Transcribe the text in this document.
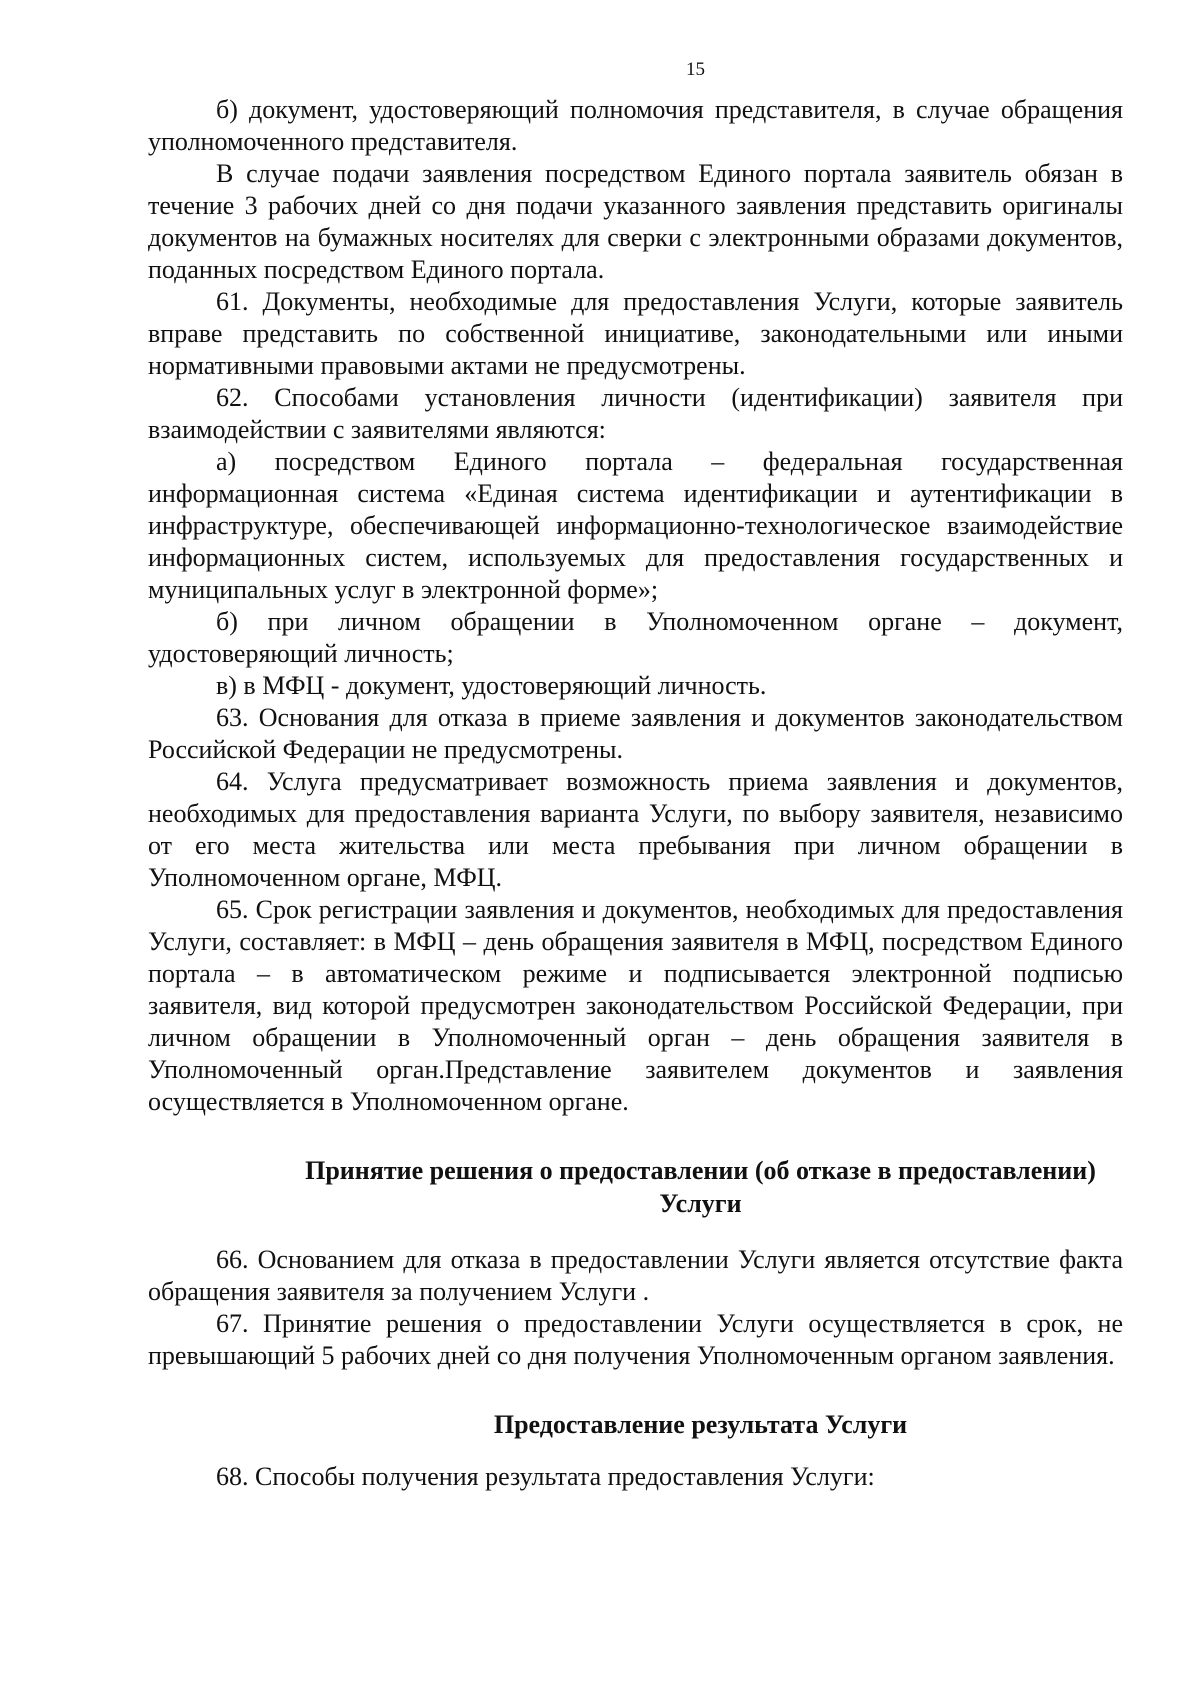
15

б) документ, удостоверяющий полномочия представителя, в случае обращения уполномоченного представителя.

В случае подачи заявления посредством Единого портала заявитель обязан в течение 3 рабочих дней со дня подачи указанного заявления представить оригиналы документов на бумажных носителях для сверки с электронными образами документов, поданных посредством Единого портала.

61. Документы, необходимые для предоставления Услуги, которые заявитель вправе представить по собственной инициативе, законодательными или иными нормативными правовыми актами не предусмотрены.

62. Способами установления личности (идентификации) заявителя при взаимодействии с заявителями являются:

а) посредством Единого портала – федеральная государственная информационная система «Единая система идентификации и аутентификации в инфраструктуре, обеспечивающей информационно-технологическое взаимодействие информационных систем, используемых для предоставления государственных и муниципальных услуг в электронной форме»;

б) при личном обращении в Уполномоченном органе – документ, удостоверяющий личность;

в) в МФЦ - документ, удостоверяющий личность.

63. Основания для отказа в приеме заявления и документов законодательством Российской Федерации не предусмотрены.

64. Услуга предусматривает возможность приема заявления и документов, необходимых для предоставления варианта Услуги, по выбору заявителя, независимо от его места жительства или места пребывания при личном обращении в Уполномоченном органе, МФЦ.

65. Срок регистрации заявления и документов, необходимых для предоставления Услуги, составляет: в МФЦ – день обращения заявителя в МФЦ, посредством Единого портала – в автоматическом режиме и подписывается электронной подписью заявителя, вид которой предусмотрен законодательством Российской Федерации, при личном обращении в Уполномоченный орган – день обращения заявителя в Уполномоченный орган.Представление заявителем документов и заявления осуществляется в Уполномоченном органе.

Принятие решения о предоставлении (об отказе в предоставлении) Услуги

66. Основанием для отказа в предоставлении Услуги является отсутствие факта обращения заявителя за получением Услуги .

67. Принятие решения о предоставлении Услуги осуществляется в срок, не превышающий 5 рабочих дней со дня получения Уполномоченным органом заявления.

Предоставление результата Услуги

68. Способы получения результата предоставления Услуги:
